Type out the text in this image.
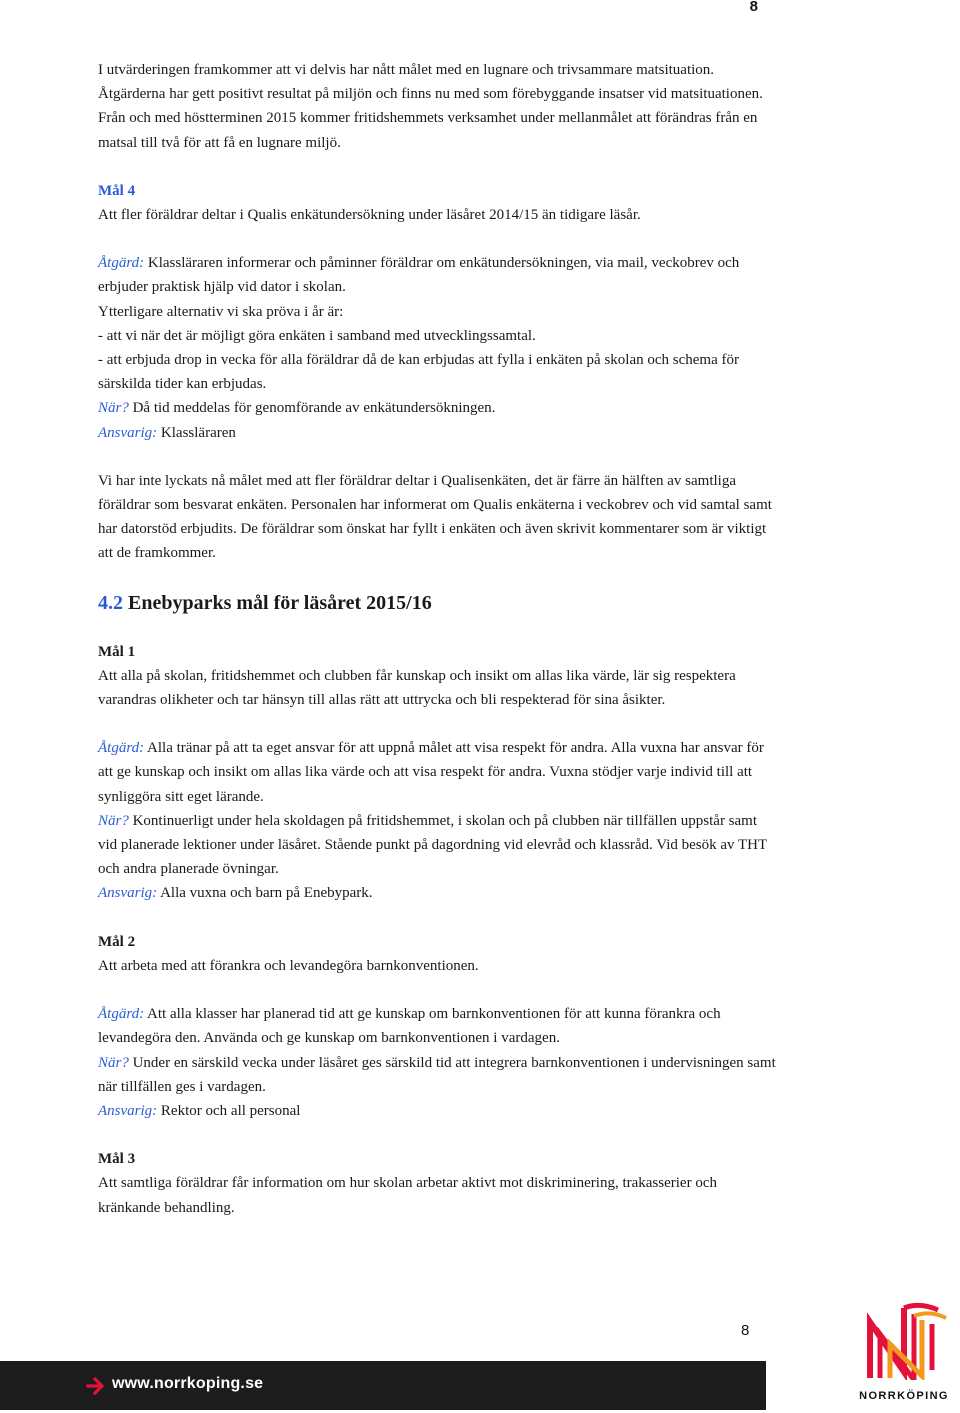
8

I utvärderingen framkommer att vi delvis har nått målet med en lugnare och trivsammare matsituation. Åtgärderna har gett positivt resultat på miljön och finns nu med som förebyggande insatser vid matsituationen. Från och med höstterminen 2015 kommer fritidshemmets verksamhet under mellanmålet att förändras från en matsal till två för att få en lugnare miljö.

Mål 4

Att fler föräldrar deltar i Qualis enkätundersökning under läsåret 2014/15 än tidigare läsår.

Åtgärd: Klassläraren informerar och påminner föräldrar om enkätundersökningen, via mail, veckobrev och erbjuder praktisk hjälp vid dator i skolan.

Ytterligare alternativ vi ska pröva i år är:

- att vi när det är möjligt göra enkäten i samband med utvecklingssamtal.

- att erbjuda drop in vecka för alla föräldrar då de kan erbjudas att fylla i enkäten på skolan och schema för särskilda tider kan erbjudas.

När? Då tid meddelas för genomförande av enkätundersökningen.

Ansvarig: Klassläraren

Vi har inte lyckats nå målet med att fler föräldrar deltar i Qualisenkäten, det är färre än hälften av samtliga föräldrar som besvarat enkäten. Personalen har informerat om Qualis enkäterna i veckobrev och vid samtal samt har datorstöd erbjudits. De föräldrar som önskat har fyllt i enkäten och även skrivit kommentarer som är viktigt att de framkommer.

4.2 Enebyparks mål för läsåret 2015/16

Mål 1

Att alla på skolan, fritidshemmet och clubben får kunskap och insikt om allas lika värde, lär sig respektera varandras olikheter och tar hänsyn till allas rätt att uttrycka och bli respekterad för sina åsikter.

Åtgärd: Alla tränar på att ta eget ansvar för att uppnå målet att visa respekt för andra. Alla vuxna har ansvar för att ge kunskap och insikt om allas lika värde och att visa respekt för andra. Vuxna stödjer varje individ till att synliggöra sitt eget lärande.

När? Kontinuerligt under hela skoldagen på fritidshemmet, i skolan och på clubben när tillfällen uppstår samt vid planerade lektioner under läsåret. Stående punkt på dagordning vid elevråd och klassråd. Vid besök av THT och andra planerade övningar.

Ansvarig: Alla vuxna och barn på Enebypark.

Mål 2

Att arbeta med att förankra och levandegöra barnkonventionen.

Åtgärd: Att alla klasser har planerad tid att ge kunskap om barnkonventionen för att kunna förankra och levandegöra den. Använda och ge kunskap om barnkonventionen i vardagen.

När? Under en särskild vecka under läsåret ges särskild tid att integrera barnkonventionen i undervisningen samt när tillfällen ges i vardagen.

Ansvarig: Rektor och all personal

Mål 3

Att samtliga föräldrar får information om hur skolan arbetar aktivt mot diskriminering, trakasserier och kränkande behandling.

8
www.norrkoping.se
NORRKÖPING
